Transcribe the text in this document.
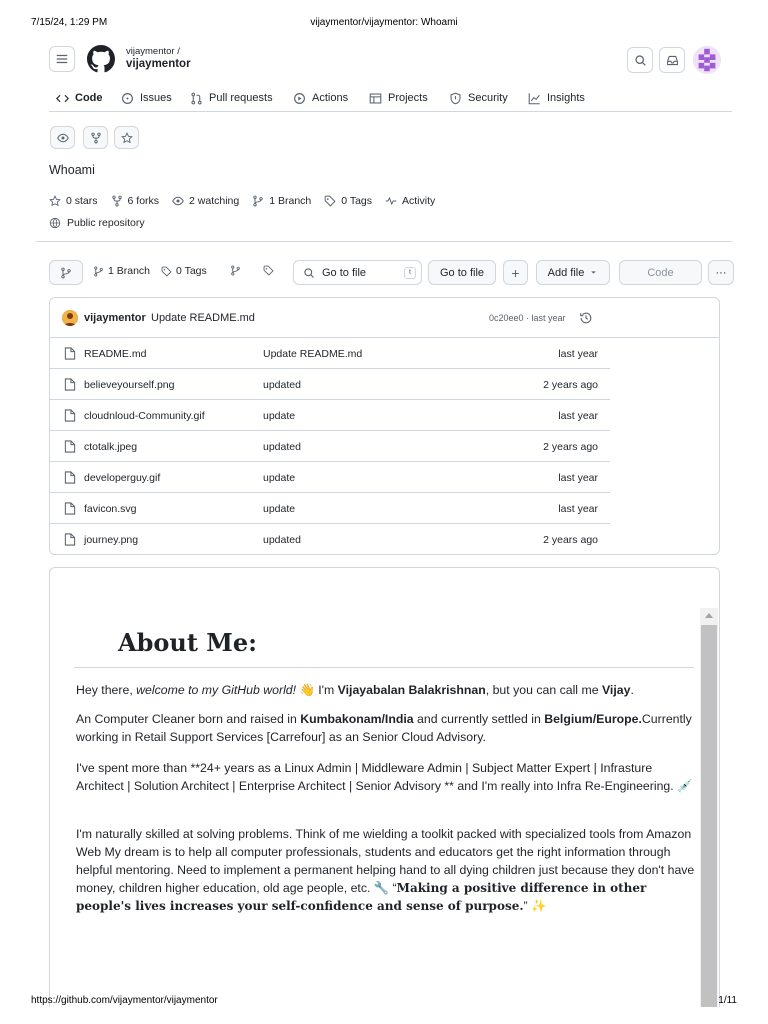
7/15/24, 1:29 PM	vijaymentor/vijaymentor: Whoami
vijaymentor /
vijaymentor
Code	Issues	Pull requests	Actions	Projects	Security	Insights
Whoami
0 stars	6 forks	2 watching	1 Branch	0 Tags	Activity
Public repository
1 Branch 0 Tags	Go to file	t	Go to file +	Add file	Code	···
vijaymentor Update README.md	0c20ee0 · last year
README.md	Update README.md	last year
believeyourself.png	updated	2 years ago
cloudnloud-Community.gif	update	last year
ctotalk.jpeg	updated	2 years ago
developerguy.gif	update	last year
favicon.svg	update	last year
journey.png	updated	2 years ago
About Me:

Hey there, welcome to my GitHub world! 👋 I'm Vijayabalan Balakrishnan, but you can call me Vijay.

An Computer Cleaner born and raised in Kumbakonam/India and currently settled in Belgium/Europe.Currently working in Retail Support Services [Carrefour] as an Senior Cloud Advisory.

I've spent more than **24+ years as a Linux Admin | Middleware Admin | Subject Matter Expert | Infrasture Architect | Solution Architect | Enterprise Architect | Senior Advisory ** and I'm really into Infra Re-Engineering. 💉

I'm naturally skilled at solving problems. Think of me wielding a toolkit packed with specialized tools from Amazon Web My dream is to help all computer professionals, students and educators get the right information through helpful mentoring. Need to implement a permanent helping hand to all dying children just because they don't have money, children higher education, old age people, etc. 🔧 “Making a positive difference in other people's lives increases your self-confidence and sense of purpose.” ✨

https://github.com/vijaymentor/vijaymentor	1/11
